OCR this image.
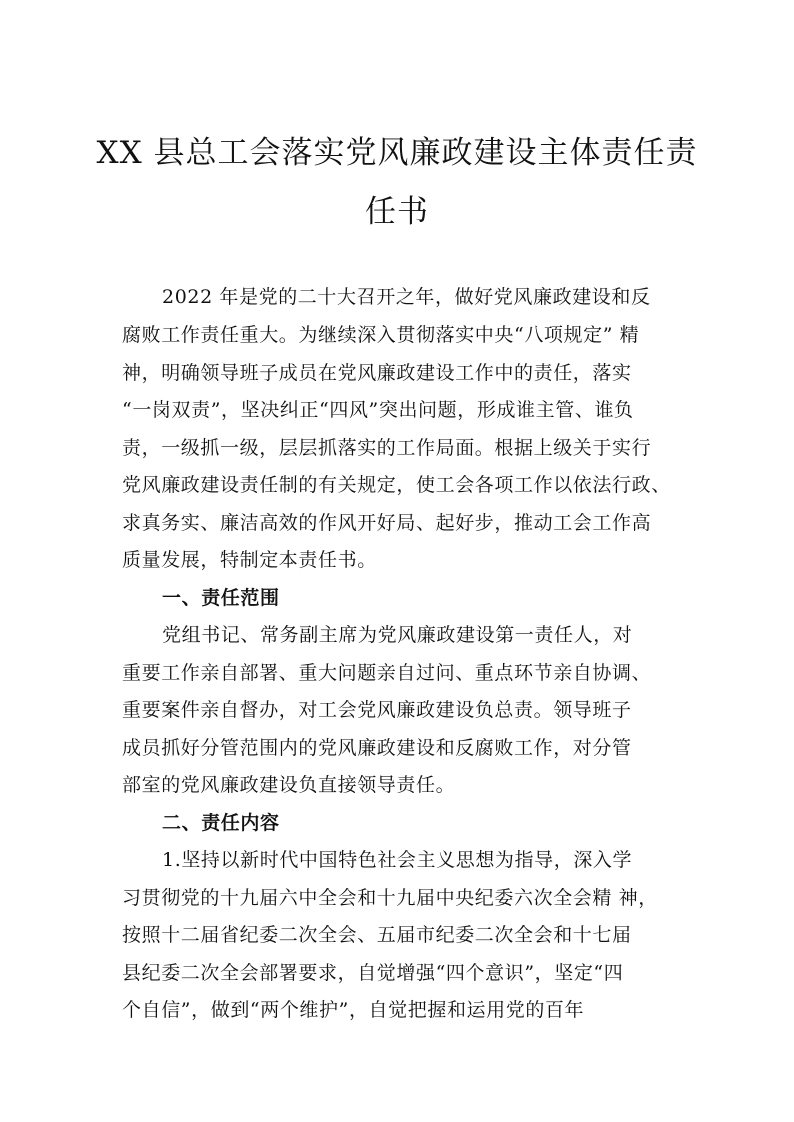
XX 县总工会落实党风廉政建设主体责任责
任书
2022 年是党的二十大召开之年，做好党风廉政建设和反
腐败工作责任重大。为继续深入贯彻落实中央“八项规定” 精
神，明确领导班子成员在党风廉政建设工作中的责任，落实
“一岗双责”，坚决纠正“四风”突出问题，形成谁主管、谁负
责，一级抓一级，层层抓落实的工作局面。根据上级关于实行
党风廉政建设责任制的有关规定，使工会各项工作以依法行政、
求真务实、廉洁高效的作风开好局、起好步，推动工会工作高
质量发展，特制定本责任书。
一、责任范围
党组书记、常务副主席为党风廉政建设第一责任人，对
重要工作亲自部署、重大问题亲自过问、重点环节亲自协调、
重要案件亲自督办，对工会党风廉政建设负总责。领导班子
成员抓好分管范围内的党风廉政建设和反腐败工作，对分管
部室的党风廉政建设负直接领导责任。
二、责任内容
1.坚持以新时代中国特色社会主义思想为指导，深入学
习贯彻党的十九届六中全会和十九届中央纪委六次全会精 神，
按照十二届省纪委二次全会、五届市纪委二次全会和十七届
县纪委二次全会部署要求，自觉增强“四个意识”，坚定“四
个自信”，做到“两个维护”，自觉把握和运用党的百年
